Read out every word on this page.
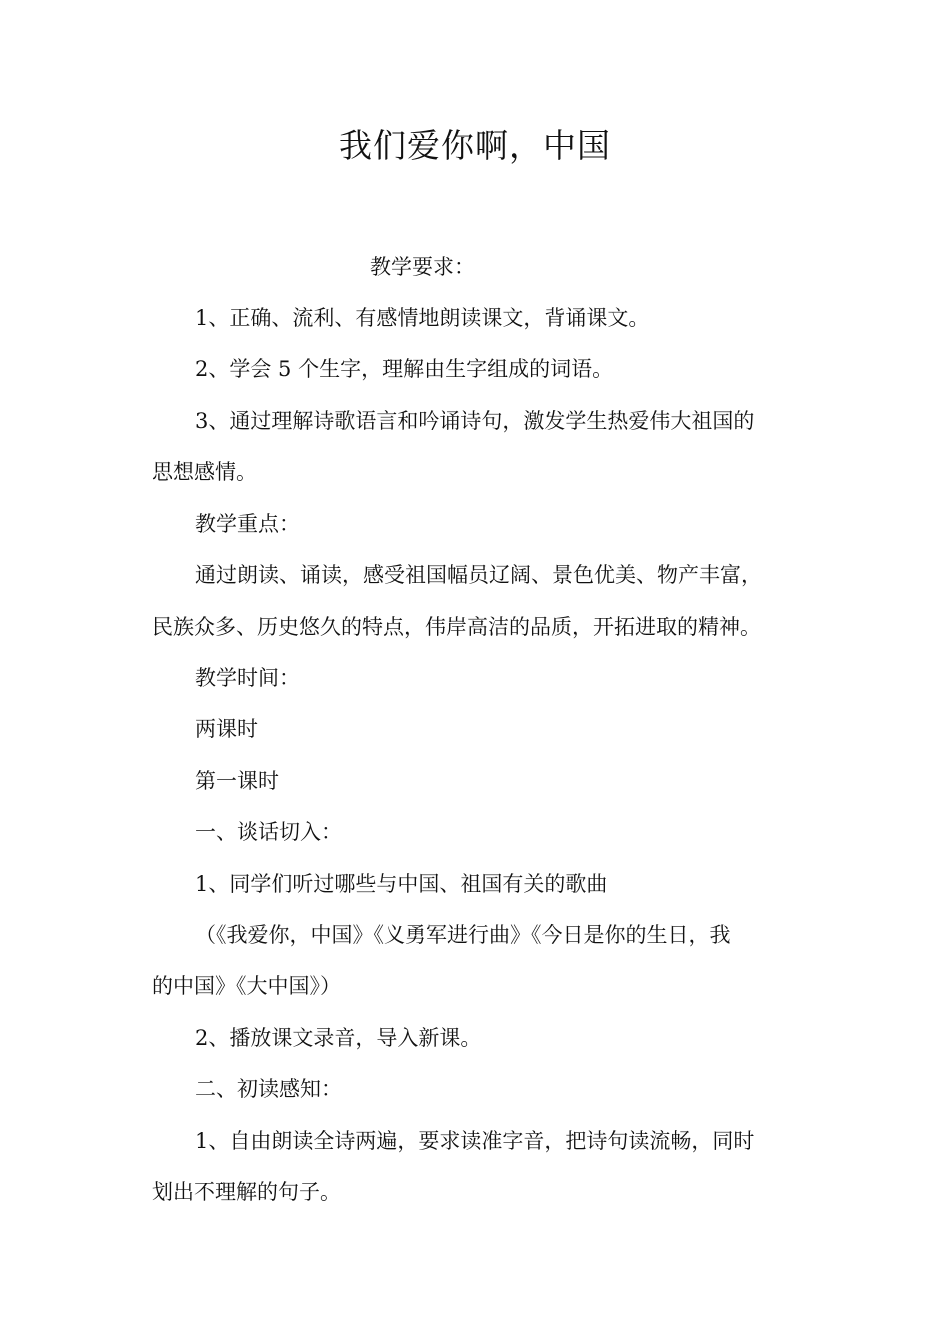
我们爱你啊，中国
教学要求：
1、正确、流利、有感情地朗读课文，背诵课文。
2、学会 5 个生字，理解由生字组成的词语。
3、通过理解诗歌语言和吟诵诗句，激发学生热爱伟大祖国的
思想感情。
教学重点：
通过朗读、诵读，感受祖国幅员辽阔、景色优美、物产丰富，
民族众多、历史悠久的特点，伟岸高洁的品质，开拓进取的精神。
教学时间：
两课时
第一课时
一、谈话切入：
1、同学们听过哪些与中国、祖国有关的歌曲
（《我爱你，中国》《义勇军进行曲》《今日是你的生日，我
的中国》《大中国》）
2、播放课文录音，导入新课。
二、初读感知：
1、自由朗读全诗两遍，要求读准字音，把诗句读流畅，同时
划出不理解的句子。
